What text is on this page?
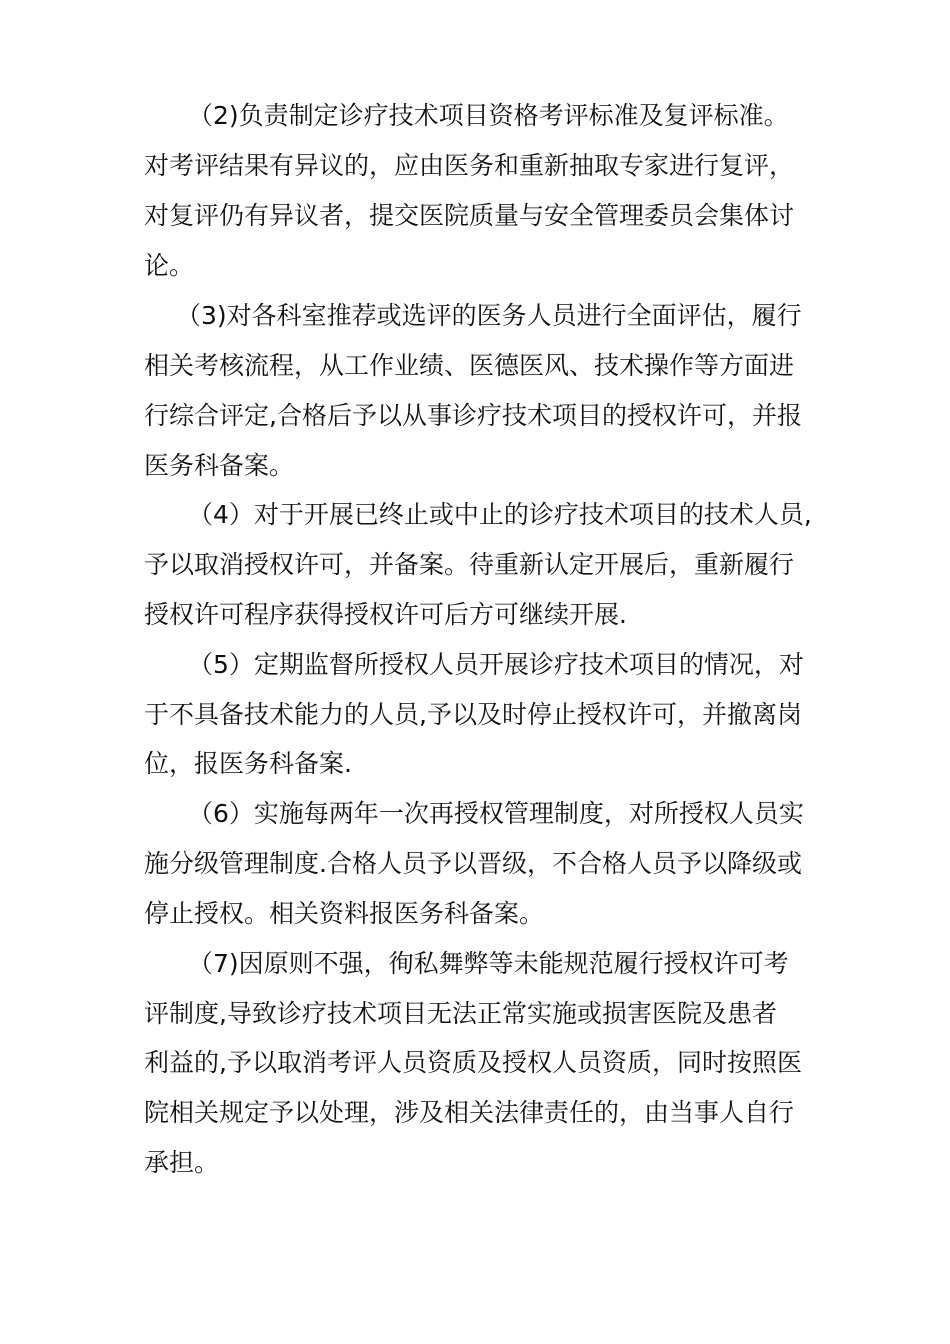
（2)负责制定诊疗技术项目资格考评标准及复评标准。
对考评结果有异议的，应由医务和重新抽取专家进行复评，
对复评仍有异议者，提交医院质量与安全管理委员会集体讨
论。
（3)对各科室推荐或选评的医务人员进行全面评估，履行
相关考核流程，从工作业绩、医德医风、技术操作等方面进
行综合评定,合格后予以从事诊疗技术项目的授权许可，并报
医务科备案。
（4）对于开展已终止或中止的诊疗技术项目的技术人员,
予以取消授权许可，并备案。待重新认定开展后，重新履行
授权许可程序获得授权许可后方可继续开展.
（5）定期监督所授权人员开展诊疗技术项目的情况，对
于不具备技术能力的人员,予以及时停止授权许可，并撤离岗
位，报医务科备案.
（6）实施每两年一次再授权管理制度，对所授权人员实
施分级管理制度.合格人员予以晋级，不合格人员予以降级或
停止授权。相关资料报医务科备案。
（7)因原则不强，徇私舞弊等未能规范履行授权许可考
评制度,导致诊疗技术项目无法正常实施或损害医院及患者
利益的,予以取消考评人员资质及授权人员资质，同时按照医
院相关规定予以处理，涉及相关法律责任的，由当事人自行
承担。
